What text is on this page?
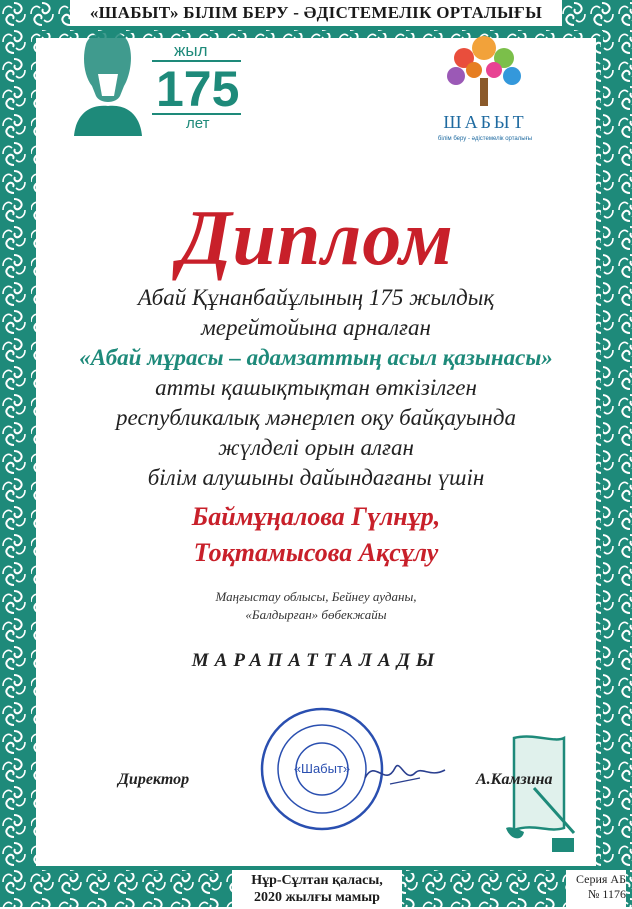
«ШАБЫТ» БІЛІМ БЕРУ - ӘДІСТЕМЕЛІК ОРТАЛЫҒЫ
жыл
175
лет	ШАБЫТ
білім беру - әдістемелік орталығы
Диплом
Абай Құнанбайұлының 175 жылдық
мерейтойына арналған
«Абай мұрасы – адамзаттың асыл қазынасы»
атты қашықтықтан өткізілген
республикалық мәнерлеп оқу байқауында
жүлделі орын алған
білім алушыны дайындағаны үшін
Баймұңалова Гүлнұр,
Тоқтамысова Ақсұлу
Маңғыстау облысы, Бейнеу ауданы,
«Балдырған» бөбекжайы
МАРАПАТТАЛАДЫ
«Шабыт»
Директор	А.Камзина
Нұр-Сұлтан қаласы,
2020 жылғы мамыр
Серия АБ
№ 1176
